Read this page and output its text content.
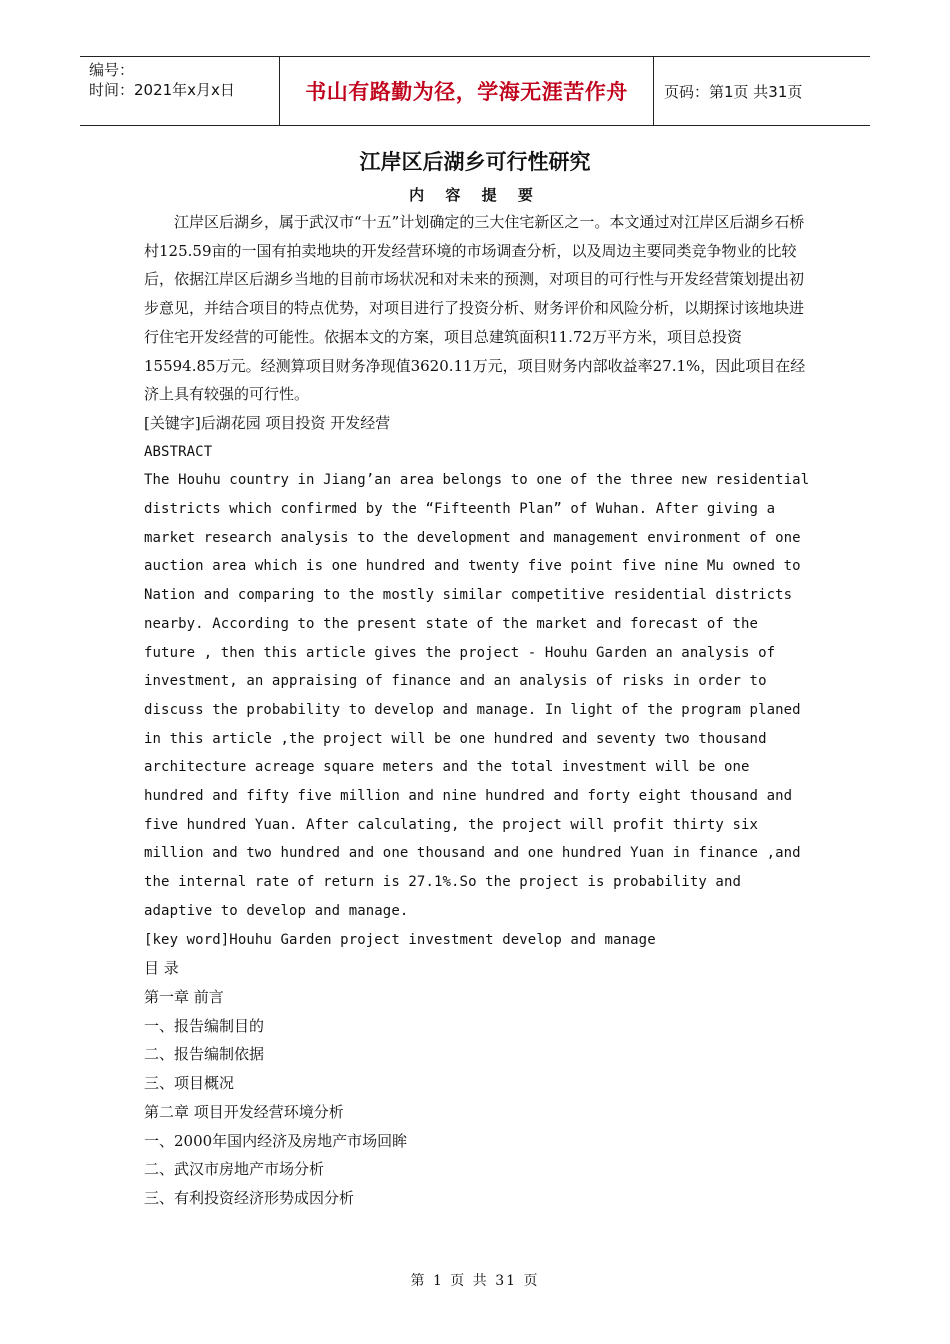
编号：
时间：2021年x月x日	书山有路勤为径，学海无涯苦作舟	页码：第1页 共31页
江岸区后湖乡可行性研究
内 容 提 要

江岸区后湖乡，属于武汉市“十五”计划确定的三大住宅新区之一。本文通过对江岸区后湖乡石桥村125.59亩的一国有拍卖地块的开发经营环境的市场调查分析，以及周边主要同类竞争物业的比较后，依据江岸区后湖乡当地的目前市场状况和对未来的预测，对项目的可行性与开发经营策划提出初步意见，并结合项目的特点优势，对项目进行了投资分析、财务评价和风险分析，以期探讨该地块进行住宅开发经营的可能性。依据本文的方案，项目总建筑面积11.72万平方米，项目总投资15594.85万元。经测算项目财务净现值3620.11万元，项目财务内部收益率27.1%，因此项目在经济上具有较强的可行性。

[关键字]后湖花园 项目投资 开发经营

ABSTRACT

The Houhu country in Jiang’an area belongs to one of the three new residential districts which confirmed by the “Fifteenth Plan” of Wuhan. After giving a market research analysis to the development and management environment of one auction area which is one hundred and twenty five point five nine Mu owned to Nation and comparing to the mostly similar competitive residential districts nearby. According to the present state of the market and forecast of the future , then this article gives the project - Houhu Garden an analysis of investment, an appraising of finance and an analysis of risks in order to discuss the probability to develop and manage. In light of the program planed in this article ,the project will be one hundred and seventy two thousand architecture acreage square meters and the total investment will be one hundred and fifty five million and nine hundred and forty eight thousand and five hundred Yuan. After calculating, the project will profit thirty six million and two hundred and one thousand and one hundred Yuan in finance ,and the internal rate of return is 27.1%.So the project is probability and adaptive to develop and manage.

[key word]Houhu Garden project investment develop and manage

目 录

第一章 前言

一、报告编制目的

二、报告编制依据

三、项目概况

第二章 项目开发经营环境分析

一、2000年国内经济及房地产市场回眸

二、武汉市房地产市场分析

三、有利投资经济形势成因分析

第 1 页 共 31 页
